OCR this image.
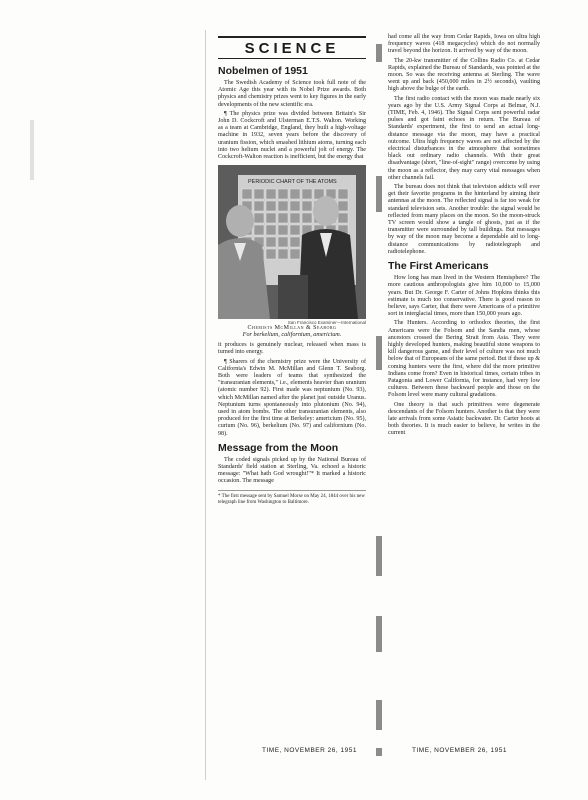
SCIENCE
Nobelmen of 1951

The Swedish Academy of Science took full note of the Atomic Age this year with its Nobel Prize awards. Both physics and chemistry prizes went to key figures in the early developments of the new scientific era.

¶ The physics prize was divided between Britain's Sir John D. Cockcroft and Ulsterman E.T.S. Walton. Working as a team at Cambridge, England, they built a high-voltage machine in 1932, seven years before the discovery of uranium fission, which smashed lithium atoms, turning each into two helium nuclei and a powerful jolt of energy. The Cockcroft-Walton reaction is inefficient, but the energy that

PERIODIC CHART OF THE ATOMS
San Francisco Examiner—International
Chemists McMillan & Seaborg
For berkelium, californium, americium.

it produces is genuinely nuclear, released when mass is turned into energy.

¶ Sharers of the chemistry prize were the University of California's Edwin M. McMillan and Glenn T. Seaborg. Both were leaders of teams that synthesized the "transuranian elements," i.e., elements heavier than uranium (atomic number 92). First made was neptunium (No. 93), which McMillan named after the planet just outside Uranus. Neptunium turns spontaneously into plutonium (No. 94), used in atom bombs. The other transuranian elements, also produced for the first time at Berkeley: americium (No. 95), curium (No. 96), berkelium (No. 97) and californium (No. 98).

Message from the Moon

The coded signals picked up by the National Bureau of Standards' field station at Sterling, Va. echoed a historic message: "What hath God wrought!"* It marked a historic occasion. The message

* The first message sent by Samuel Morse on May 24, 1844 over his new telegraph line from Washington to Baltimore.

had come all the way from Cedar Rapids, Iowa on ultra high frequency waves (418 megacycles) which do not normally travel beyond the horizon. It arrived by way of the moon.

The 20-kw transmitter of the Collins Radio Co. at Cedar Rapids, explained the Bureau of Standards, was pointed at the moon. So was the receiving antenna at Sterling. The wave went up and back (450,000 miles in 2½ seconds), vaulting high above the bulge of the earth.

The first radio contact with the moon was made nearly six years ago by the U.S. Army Signal Corps at Belmar, N.J. (TIME, Feb. 4, 1946). The Signal Corps sent powerful radar pulses and got faint echoes in return. The Bureau of Standards' experiment, the first to send an actual long-distance message via the moon, may have a practical outcome. Ultra high frequency waves are not affected by the electrical disturbances in the atmosphere that sometimes black out ordinary radio channels. With their great disadvantage (short, "line-of-sight" range) overcome by using the moon as a reflector, they may carry vital messages when other channels fail.

The bureau does not think that television addicts will ever get their favorite programs in the hinterland by aiming their antennas at the moon. The reflected signal is far too weak for standard television sets. Another trouble: the signal would be reflected from many places on the moon. So the moon-struck TV screen would show a tangle of ghosts, just as if the transmitter were surrounded by tall buildings. But messages by way of the moon may become a dependable aid to long-distance communications by radiotelegraph and radiotelephone.

The First Americans

How long has man lived in the Western Hemisphere? The more cautious anthropologists give him 10,000 to 15,000 years. But Dr. George F. Carter of Johns Hopkins thinks this estimate is much too conservative. There is good reason to believe, says Carter, that there were Americans of a primitive sort in interglacial times, more than 150,000 years ago.

The Hunters. According to orthodox theories, the first Americans were the Folsom and the Sandia men, whose ancestors crossed the Bering Strait from Asia. They were highly developed hunters, making beautiful stone weapons to kill dangerous game, and their level of culture was not much below that of Europeans of the same period. But if these up & coming hunters were the first, where did the more primitive Indians come from? Even in historical times, certain tribes in Patagonia and Lower California, for instance, had very low cultures. Between these backward people and those on the Folsom level were many cultural gradations.

One theory is that such primitives were degenerate descendants of the Folsom hunters. Another is that they were late arrivals from some Asiatic backwater. Dr. Carter hoots at both theories. It is much easier to believe, he writes in the current

TIME, NOVEMBER 26, 1951	TIME, NOVEMBER 26, 1951
